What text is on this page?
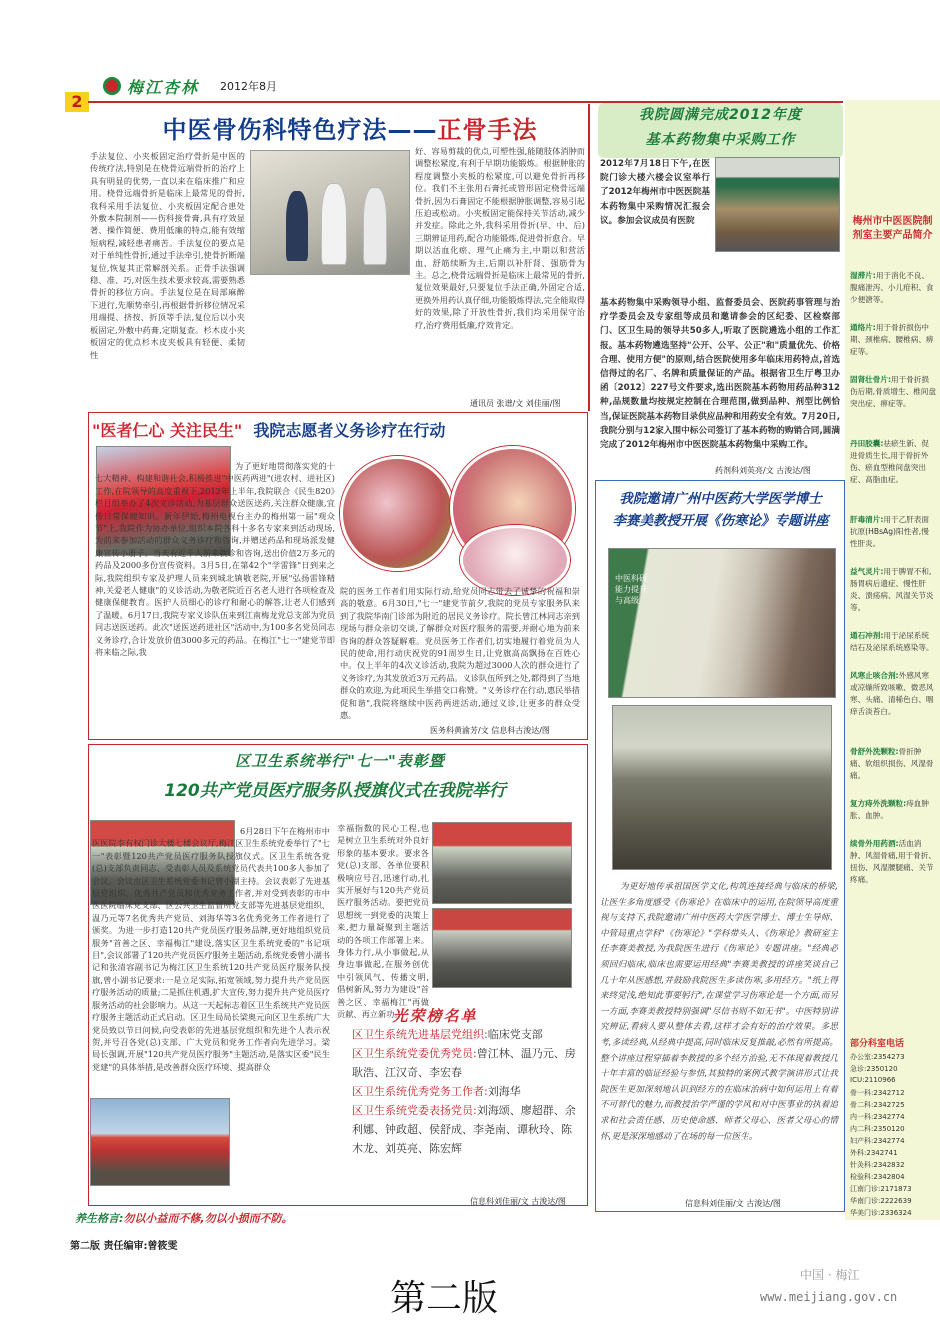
梅江杏林 2012年8月
2
中医骨伤科特色疗法——正骨手法
手法复位、小夹板固定治疗骨折是中医的传统疗法,特别是在桡骨远端骨折的治疗上具有明显的优势,一直以来在临床推广和应用。桡骨远端骨折是临床上最常见的骨折,我科采用手法复位、小夹板固定配合患处外敷本院制剂——伤科接骨膏,具有疗效显著、操作简便、费用低廉的特点,能有效缩短病程,减轻患者痛苦。手法复位的要点是对于单纯性骨折,通过手法牵引,使骨折断端复位,恢复其正常解剖关系。正骨手法强调稳、准、巧,对医生技术要求较高,需要熟悉骨折的移位方向。手法复位是在局部麻醉下进行,先顺势牵引,再根据骨折移位情况采用端提、挤按、折顶等手法,复位后以小夹板固定,外敷中药膏,定期复查。杉木皮小夹板固定的优点杉木皮夹板具有轻便、柔韧性
好、容易剪裁的优点,可塑性强,能随肢体消肿而调整松紧度,有利于早期功能锻炼。根据肿胀的程度调整小夹板的松紧度,可以避免骨折再移位。我们不主张用石膏托或管形固定桡骨远端骨折,因为石膏固定不能根据肿胀调整,容易引起压迫或松动。小夹板固定能保持关节活动,减少并发症。除此之外,我科采用骨折(早、中、后)三期辨证用药,配合功能锻炼,促进骨折愈合。早期以活血化瘀、理气止痛为主,中期以和营活血、舒筋续断为主,后期以补肝肾、强筋骨为主。总之,桡骨远端骨折是临床上最常见的骨折,复位效果最好,只要复位手法正确,外固定合适,更换外用药认真仔细,功能锻炼得法,完全能取得好的效果,除了开放性骨折,我们均采用保守治疗,治疗费用低廉,疗效肯定。
通讯员 张谱/文 刘佳丽/图
"医者仁心 关注民生" 我院志愿者义务诊疗在行动
为了更好地贯彻落实党的十七大精神、构建和谐社会,积极推进"中医药两进"(进农村、进社区)工作,在院领导的高度重视下,2012年上半年,我院联合《民生820》栏目组举办了4次义诊活动,为基层群众送医送药,关注群众健康,宜传日常保健知识。新年伊始,梅州电视台主办的梅州第一届"观众节"上,我院作为协办单位,组织本院各科十多名专家来到活动现场,为前来参加活动的群众义务诊疗和咨询,并赠送药品和现场派发健康宣传小册子。当天有近千人前来就诊和咨询,送出价值2万多元的药品及2000多份宣传资料。3月5日,在第42个"学雷锋"日到来之际,我院组织专家及护理人员来到城北镇敬老院,开展"弘扬雷锋精神,关爱老人健康"的义诊活动,为敬老院近百名老人进行各项检查及健康保健教育。医护人员细心的诊疗和耐心的解答,让老人们感到了温暖。6月17日,我院专家义诊队伍来到江南梅龙党总支部为党员同志送医送药。此次"送医送药进社区"活动中,为100多名党员同志义务诊疗,合计发放价值3000多元的药品。在梅江"七一"建党节即将来临之际,我
院的医务工作者们用实际行动,给党员同志带去了诚挚的祝福和崇高的敬意。6月30日,"七一"建党节前夕,我院的党员专家服务队来到了我院华南门诊部为附近的居民义务诊疗。院长曾江林同志亲到现场与群众亲切交谈,了解群众对医疗服务的需要,并耐心地为前来咨询的群众答疑解难。党员医务工作者们,切实地履行着党员为人民的使命,用行动庆祝党的91周岁生日,让党旗高高飘扬在百姓心中。仅上半年的4次义诊活动,我院为超过3000人次的群众进行了义务诊疗,为其发放近3万元药品。义诊队伍所到之处,都得到了当地群众的欢迎,为此项民生举措交口称赞。"义务诊疗在行动,惠民举措促和谐",我院将继续中医药两进活动,通过义诊,让更多的群众受惠。
医务科黄渝芳/文 信息科古浚达/图
区卫生系统举行"七一"表彰暨
120共产党员医疗服务队授旗仪式在我院举行
6月28日下午在梅州市中医医院李有权门诊大楼七楼会议厅,梅江区卫生系统党委举行了"七一"表彰暨120共产党员医疗服务队授旗仪式。区卫生系统各党(总)支部负责同志、受表彰人员及系统党员代表共100多人参加了会议。会议由区卫生系统党委书记曾小湖主持。会议表彰了先进基层党组织、优秀共产党员和优秀党务工作者,并对受到表彰的市中医医院临床党支部、区公共卫生监督所党支部等先进基层党组织、温乃元等7名优秀共产党员、刘海华等3名优秀党务工作者进行了颁奖。为进一步打造120共产党员医疗服务品牌,更好地组织党员服务"首善之区、幸福梅江"建设,落实区卫生系统党委的"书记项目",会议部署了120共产党员医疗服务主题活动,系统党委曾小湖书记和张清容副书记为梅江区卫生系统120共产党员医疗服务队授旗,曾小湖书记要求:一是立足实际,拓宽领域,努力提升共产党员医疗服务活动的质量;二是抓住机遇,扩大宣传,努力提升共产党员医疗服务活动的社会影响力。从这一天起标志着区卫生系统共产党员医疗服务主题活动正式启动。区卫生局局长梁奥元向区卫生系统广大党员致以节日问候,向受表彰的先进基层党组织和先进个人表示祝贺,并号召各党(总)支部、广大党员和党务工作者向先进学习。梁局长强调,开展"120共产党员医疗服务"主题活动,是落实区委"民生党建"的具体举措,是改善群众医疗环境、提高群众
幸福指数的民心工程,也是树立卫生系统对外良好形象的基本要求。要求各党(总)支部、各单位要积极响应号召,迅速行动,扎实开展好与120共产党员医疗服务活动。要把党员思想统一到党委的决策上来,把力量凝聚到主题活动的各项工作部署上来。身体力行,从小事做起,从身边事做起,在服务创优中引领风气、传播文明,倡树新风,努力为建设"首善之区、幸福梅江"再做贡献、再立新功。
光荣榜名单
区卫生系统先进基层党组织:临床党支部
区卫生系统党委优秀党员:曾江林、温乃元、房耿浩、江汉奇、李宏春
区卫生系统优秀党务工作者:刘海华
区卫生系统党委表扬党员:刘海颂、廖超群、余利娜、钟政超、侯舒成、李尧南、谭秋玲、陈木龙、刘英亮、陈宏辉
信息科刘佳丽/文 古浚达/图
养生格言:勿以小益而不修,勿以小损而不防。
我院圆满完成2012年度
基本药物集中采购工作
2012年7月18日下午,在医院门诊大楼六楼会议室举行了2012年梅州市中医医院基本药物集中采购情况汇报会议。参加会议成员有医院
基本药物集中采购领导小组、监督委员会、医院药事管理与治疗学委员会及专家组等成员和邀请参会的区纪委、区检察部门、区卫生局的领导共50多人,听取了医院遴选小组的工作汇报。基本药物遴选坚持"公开、公平、公正"和"质量优先、价格合理、使用方便"的原则,结合医院使用多年临床用药特点,首选信得过的名厂、名牌和质量保证的产品。根据省卫生厅粤卫办函〔2012〕227号文件要求,选出医院基本药物用药品种312种,品规数量均按规定控制在合理范围,做到品种、剂型比例恰当,保证医院基本药物目录供应品种和用药安全有效。7月20日,我院分别与12家入围中标公司签订了基本药物的购销合同,圆满完成了2012年梅州市中医医院基本药物集中采购工作。
药剂科刘英亮/文 古浚达/图
我院邀请广州中医药大学医学博士
李赛美教授开展《伤寒论》专题讲座
中医科研能力提升与高级
为更好地传承祖国医学文化,构筑连接经典与临床的桥梁,让医生多角度感受《伤寒论》在临床中的运用,在院领导高度重视与支持下,我院邀请广州中医药大学医学博士、博士生导师、中管局重点学科"《伤寒论》"学科带头人、《伤寒论》教研室主任李赛美教授,为我院医生进行《伤寒论》专题讲座。"经典必须回归临床,临床也需要运用经典"李赛美教授的讲座笑谈自己几十年从医感想,并鼓励我院医生多读伤寒,多用经方。"纸上得来终觉浅,绝知此事要躬行",在课堂学习伤寒论是一个方面,而另一方面,李赛美教授特别强调"尽信书则不如无书"。中医特别讲究辨证,看病人要从整体去看,这样才会有好的治疗效果。多思考,多读经典,从经典中提高,同时临床反复推敲,必然有所提高。整个讲座过程穿插着李教授的多个经方治验,无不体现着教授几十年丰富的临证经验与参悟,其独特的案例式教学演讲形式让我院医生更加深刻地认识到经方的在临床治病中如何运用上有着不可替代的魅力,而教授治学严谨的学风和对中医事业的执着追求和社会责任感、历史使命感、师者父母心、医者父母心的情怀,更是深深地感动了在场的每一位医生。
信息科刘佳丽/文 古浚达/图
梅州市中医医院制剂室主要产品简介
湿滞片:用于消化不良、腹痛泄泻、小儿疳积、食少便溏等。
通络片:用于骨折损伤中期、颈椎病、腰椎病、痹症等。
固肾壮骨片:用于骨折损伤后期,骨质增生、椎间盘突出症、痹症等。
丹田胶囊:祛瘀生新、促进骨质生长,用于骨折外伤、瘀血型椎间盘突出症、高脂血症。
肝毒清片:用于乙肝表面抗原(HBsAg)阳性者,慢性肝炎。
益气灵片:用于脾胃不和,肠胃病后遗症、慢性肝炎、溃疡病、风湿关节炎等。
通石冲剂:用于泌尿系统结石及泌尿系统感染等。
风寒止咳合剂:外感风寒或凉燥所致咳嗽、微恶风寒、头痛、清稀色白、咽痒舌淡苔白。
骨舒外洗颗粒:骨折肿痛、软组织损伤、风湿骨痛。
复方痔外洗颗粒:痔血肿胀、血肿。
续骨外用药酒:活血消肿、风湿骨痛,用于骨折、扭伤、风湿腰腿痛、关节疼痛。
部分科室电话
办公室:2354273
急诊:2350120
ICU:2110966
骨一科:2342712
骨二科:2342725
内一科:2342774
内二科:2350120
妇产科:2342774
外科:2342741
针灸科:2342832
检验科:2342804
江南门诊:2171873
华南门诊:2222639
华美门诊:2336324
第二版 责任编审:曾筱雯
第二版
中国 · 梅江
www.meijiang.gov.cn
